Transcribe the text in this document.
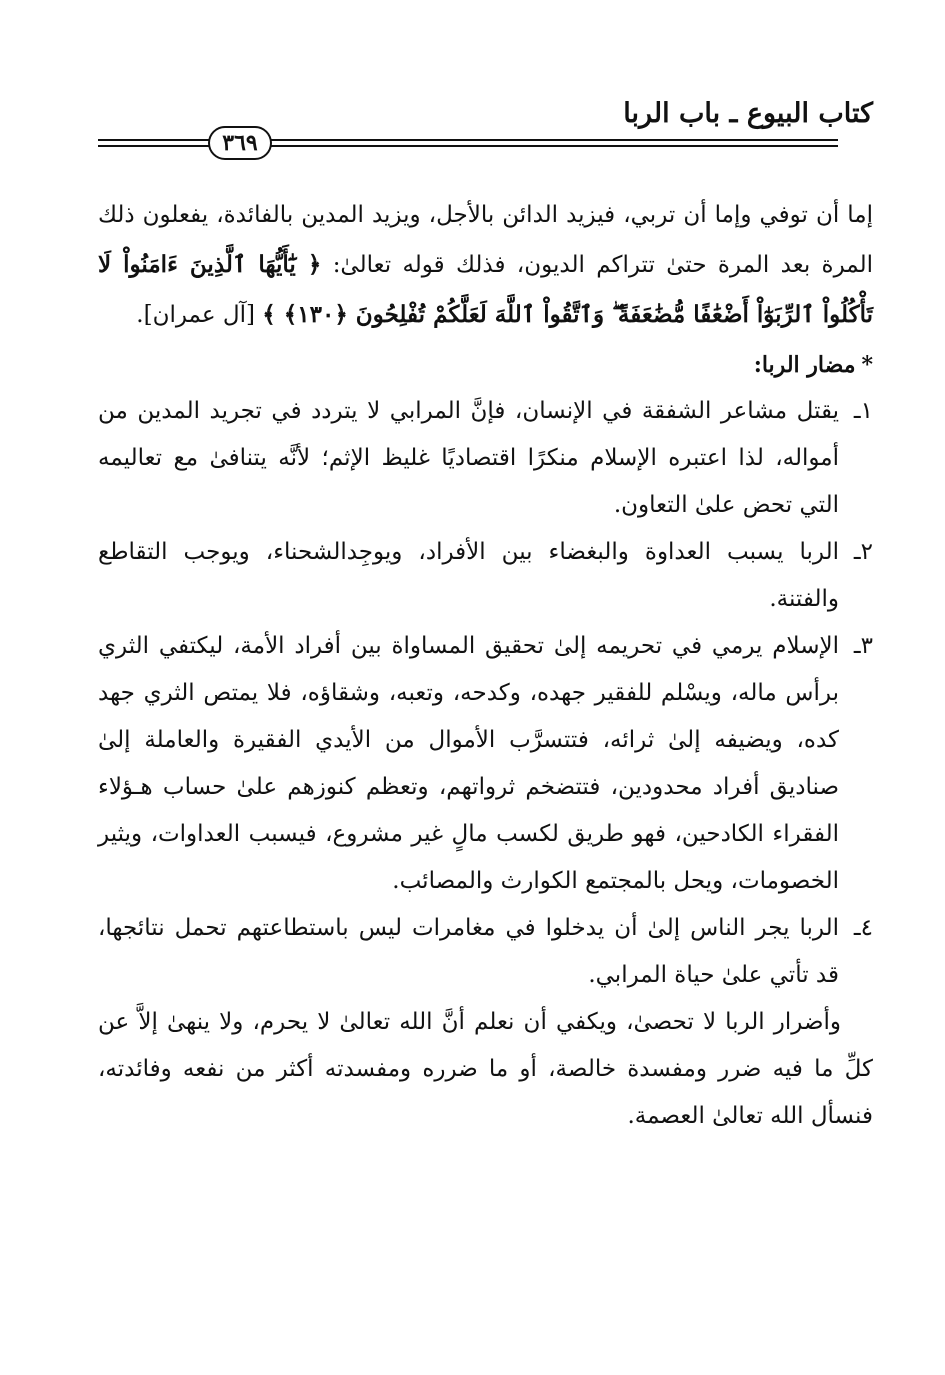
كتاب البيوع ـ باب الربا
٣٦٩

إما أن توفي وإما أن تربي، فيزيد الدائن بالأجل، ويزيد المدين بالفائدة، يفعلون ذلك المرة بعد المرة حتىٰ تتراكم الديون، فذلك قوله تعالىٰ: ﴿ يَٰٓأَيُّهَا ٱلَّذِينَ ءَامَنُواْ لَا تَأْكُلُواْ ٱلرِّبَوٰٓاْ أَضْعَٰفًا مُّضَٰعَفَةً ۖ وَٱتَّقُواْ ٱللَّهَ لَعَلَّكُمْ تُفْلِحُونَ ﴿١٣٠﴾ ﴾ [آل عمران].

*مضار الربا:
١ـ
يقتل مشاعر الشفقة في الإنسان، فإنَّ المرابي لا يتردد في تجريد المدين من أمواله، لذا اعتبره الإسلام منكرًا اقتصاديًا غليظ الإثم؛ لأنَّه يتنافىٰ مع تعاليمه التي تحض علىٰ التعاون.
٢ـ
الربا يسبب العداوة والبغضاء بين الأفراد، ويوجِدالشحناء، ويوجب التقاطع والفتنة.
٣ـ
الإسلام يرمي في تحريمه إلىٰ تحقيق المساواة بين أفراد الأمة، ليكتفي الثري برأس ماله، ويسْلم للفقير جهده، وكدحه، وتعبه، وشقاؤه، فلا يمتص الثري جهد كده، ويضيفه إلىٰ ثرائه، فتتسرَّب الأموال من الأيدي الفقيرة والعاملة إلىٰ صناديق أفراد محدودين، فتتضخم ثرواتهم، وتعظم كنوزهم علىٰ حساب هـؤلاء الفقراء الكادحين، فهو طريق لكسب مالٍ غير مشروع، فيسبب العداوات، ويثير الخصومات، ويحل بالمجتمع الكوارث والمصائب.
٤ـ
الربا يجر الناس إلىٰ أن يدخلوا في مغامرات ليس باستطاعتهم تحمل نتائجها، قد تأتي علىٰ حياة المرابي.

وأضرار الربا لا تحصىٰ، ويكفي أن نعلم أنَّ الله تعالىٰ لا يحرم، ولا ينهىٰ إلاَّ عن كلِّ ما فيه ضرر ومفسدة خالصة، أو ما ضرره ومفسدته أكثر من نفعه وفائدته، فنسأل الله تعالىٰ العصمة.
